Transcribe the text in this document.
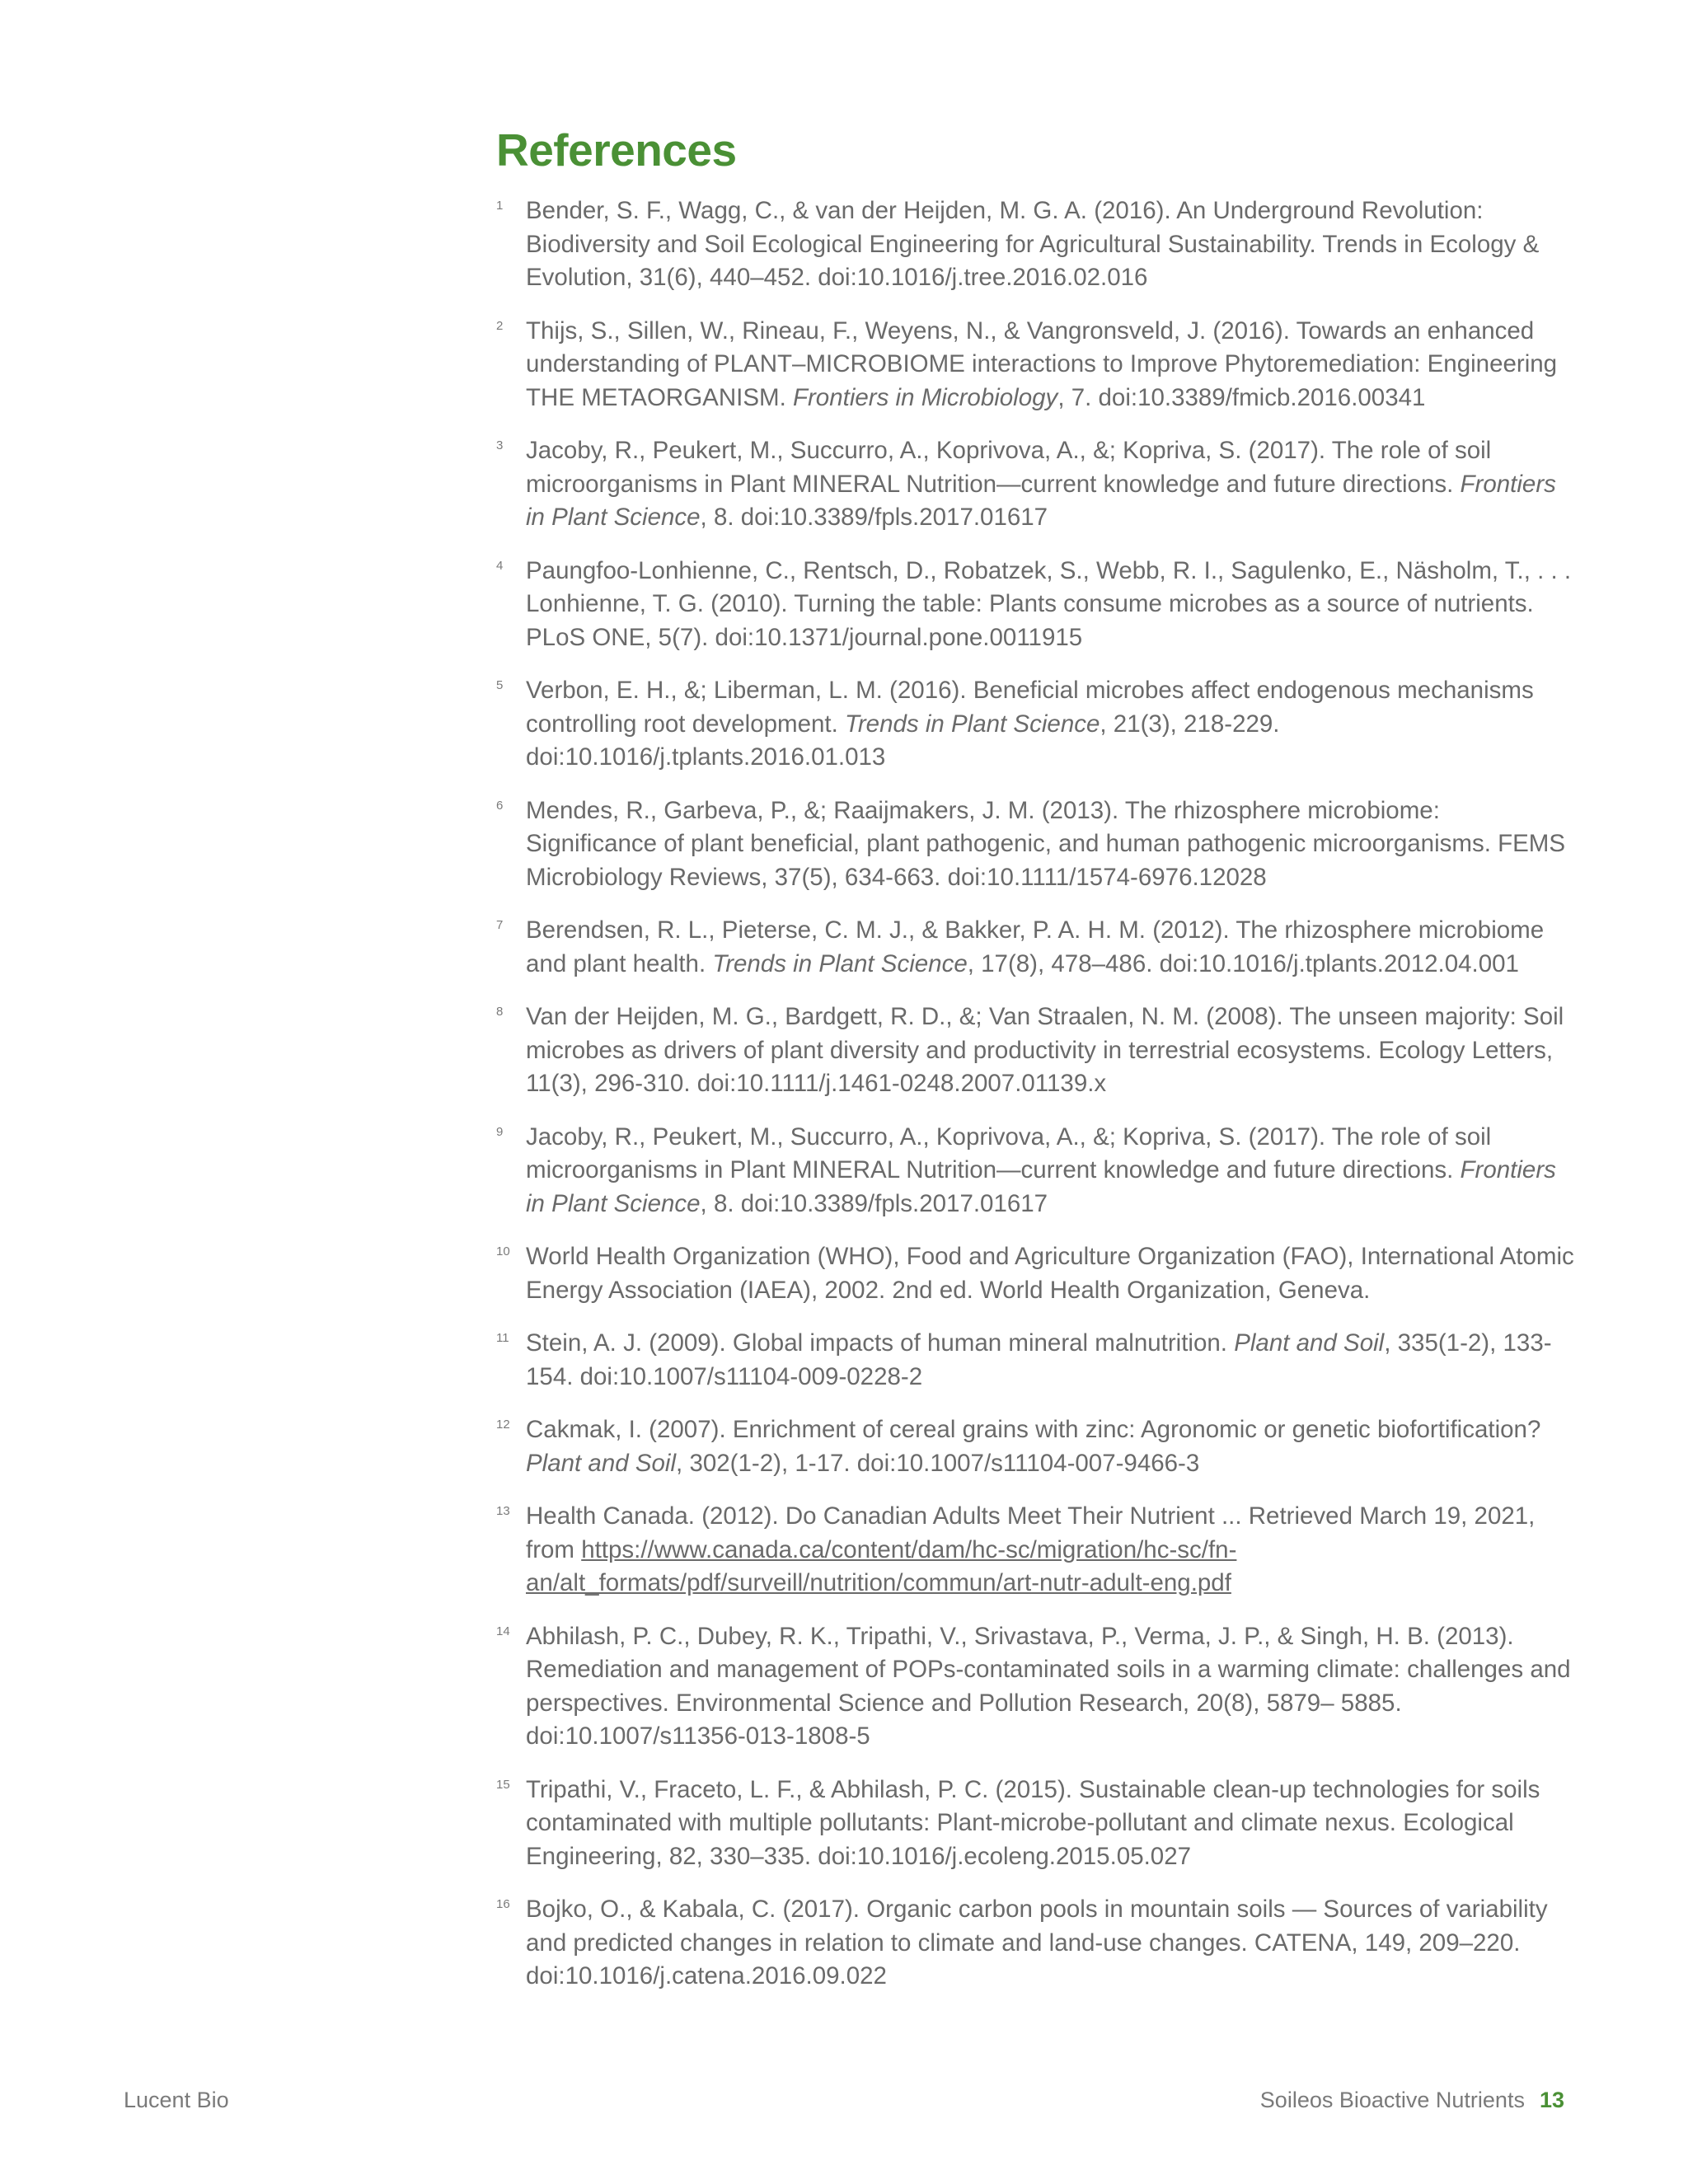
References
1 Bender, S. F., Wagg, C., & van der Heijden, M. G. A. (2016). An Underground Revolution: Biodiversity and Soil Ecological Engineering for Agricultural Sustainability. Trends in Ecology & Evolution, 31(6), 440–452. doi:10.1016/j.tree.2016.02.016
2 Thijs, S., Sillen, W., Rineau, F., Weyens, N., & Vangronsveld, J. (2016). Towards an enhanced understanding of PLANT–MICROBIOME interactions to Improve Phytoremediation: Engineering THE METAORGANISM. Frontiers in Microbiology, 7. doi:10.3389/fmicb.2016.00341
3 Jacoby, R., Peukert, M., Succurro, A., Koprivova, A., &; Kopriva, S. (2017). The role of soil microorganisms in Plant MINERAL Nutrition—current knowledge and future directions. Frontiers in Plant Science, 8. doi:10.3389/fpls.2017.01617
4 Paungfoo-Lonhienne, C., Rentsch, D., Robatzek, S., Webb, R. I., Sagulenko, E., Näsholm, T., . . . Lonhienne, T. G. (2010). Turning the table: Plants consume microbes as a source of nutrients. PLoS ONE, 5(7). doi:10.1371/journal.pone.0011915
5 Verbon, E. H., &; Liberman, L. M. (2016). Beneficial microbes affect endogenous mechanisms controlling root development. Trends in Plant Science, 21(3), 218-229. doi:10.1016/j.tplants.2016.01.013
6 Mendes, R., Garbeva, P., &; Raaijmakers, J. M. (2013). The rhizosphere microbiome: Significance of plant beneficial, plant pathogenic, and human pathogenic microorganisms. FEMS Microbiology Reviews, 37(5), 634-663. doi:10.1111/1574-6976.12028
7 Berendsen, R. L., Pieterse, C. M. J., & Bakker, P. A. H. M. (2012). The rhizosphere microbiome and plant health. Trends in Plant Science, 17(8), 478–486. doi:10.1016/j.tplants.2012.04.001
8 Van der Heijden, M. G., Bardgett, R. D., &; Van Straalen, N. M. (2008). The unseen majority: Soil microbes as drivers of plant diversity and productivity in terrestrial ecosystems. Ecology Letters, 11(3), 296-310. doi:10.1111/j.1461-0248.2007.01139.x
9 Jacoby, R., Peukert, M., Succurro, A., Koprivova, A., &; Kopriva, S. (2017). The role of soil microorganisms in Plant MINERAL Nutrition—current knowledge and future directions. Frontiers in Plant Science, 8. doi:10.3389/fpls.2017.01617
10 World Health Organization (WHO), Food and Agriculture Organization (FAO), International Atomic Energy Association (IAEA), 2002. 2nd ed. World Health Organization, Geneva.
11 Stein, A. J. (2009). Global impacts of human mineral malnutrition. Plant and Soil, 335(1-2), 133- 154. doi:10.1007/s11104-009-0228-2
12 Cakmak, I. (2007). Enrichment of cereal grains with zinc: Agronomic or genetic biofortification? Plant and Soil, 302(1-2), 1-17. doi:10.1007/s11104-007-9466-3
13 Health Canada. (2012). Do Canadian Adults Meet Their Nutrient ... Retrieved March 19, 2021, from https://www.canada.ca/content/dam/hc-sc/migration/hc-sc/fn-an/alt_formats/pdf/surveill/nutrition/commun/art-nutr-adult-eng.pdf
14 Abhilash, P. C., Dubey, R. K., Tripathi, V., Srivastava, P., Verma, J. P., & Singh, H. B. (2013). Remediation and management of POPs-contaminated soils in a warming climate: challenges and perspectives. Environmental Science and Pollution Research, 20(8), 5879– 5885. doi:10.1007/s11356-013-1808-5
15 Tripathi, V., Fraceto, L. F., & Abhilash, P. C. (2015). Sustainable clean-up technologies for soils contaminated with multiple pollutants: Plant-microbe-pollutant and climate nexus. Ecological Engineering, 82, 330–335. doi:10.1016/j.ecoleng.2015.05.027
16 Bojko, O., & Kabala, C. (2017). Organic carbon pools in mountain soils — Sources of variability and predicted changes in relation to climate and land-use changes. CATENA, 149, 209–220. doi:10.1016/j.catena.2016.09.022
Lucent Bio	Soileos Bioactive Nutrients 13
